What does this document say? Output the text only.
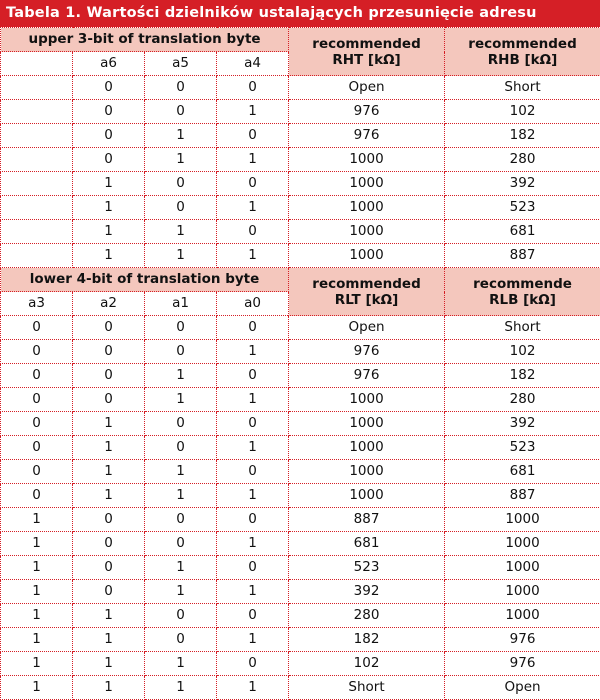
Tabela 1. Wartości dzielników ustalających przesunięcie adresu
upper 3-bit of translation byte				recommended
RHT [kΩ]	recommended
RHB [kΩ]

	a6	a5	a4		
	0	0	0	Open	Short
	0	0	1	976	102
	0	1	0	976	182
	0	1	1	1000	280
	1	0	0	1000	392
	1	0	1	1000	523
	1	1	0	1000	681
	1	1	1	1000	887
lower 4-bit of translation byte				recommended
RLT [kΩ]	recommende
RLB [kΩ]

a3	a2	a1	a0		
0	0	0	0	Open	Short
0	0	0	1	976	102
0	0	1	0	976	182
0	0	1	1	1000	280
0	1	0	0	1000	392
0	1	0	1	1000	523
0	1	1	0	1000	681
0	1	1	1	1000	887
1	0	0	0	887	1000
1	0	0	1	681	1000
1	0	1	0	523	1000
1	0	1	1	392	1000
1	1	0	0	280	1000
1	1	0	1	182	976
1	1	1	0	102	976
1	1	1	1	Short	Open
